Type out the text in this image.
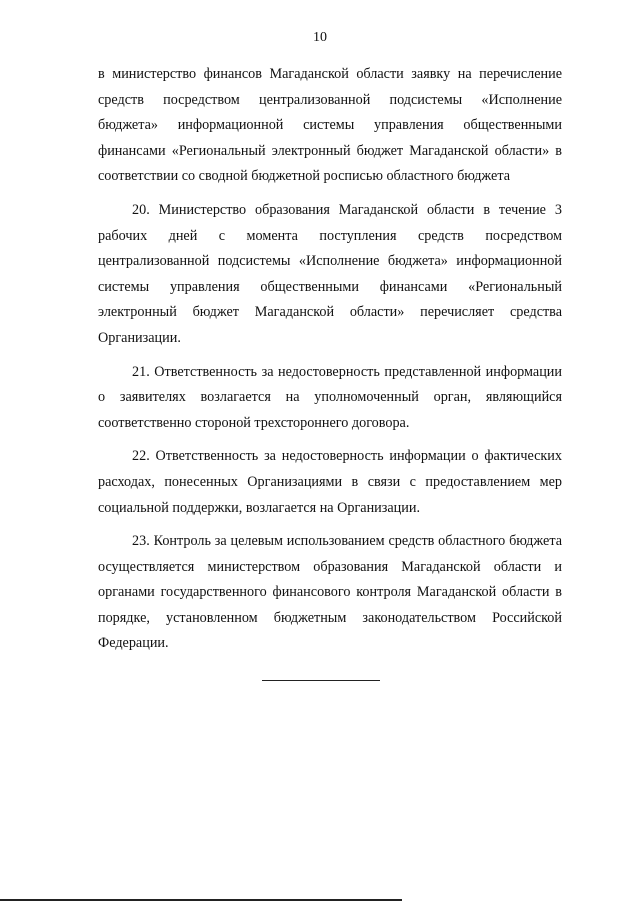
10

в министерство финансов Магаданской области заявку на перечисление средств посредством централизованной подсистемы «Исполнение бюджета» информационной системы управления общественными финансами «Региональный электронный бюджет Магаданской области» в соответствии со сводной бюджетной росписью областного бюджета

20. Министерство образования Магаданской области в течение 3 рабочих дней с момента поступления средств посредством централизованной подсистемы «Исполнение бюджета» информационной системы управления общественными финансами «Региональный электронный бюджет Магаданской области» перечисляет средства Организации.

21. Ответственность за недостоверность представленной информации о заявителях возлагается на уполномоченный орган, являющийся соответственно стороной трехстороннего договора.

22. Ответственность за недостоверность информации о фактических расходах, понесенных Организациями в связи с предоставлением мер социальной поддержки, возлагается на Организации.

23. Контроль за целевым использованием средств областного бюджета осуществляется министерством образования Магаданской области и органами государственного финансового контроля Магаданской области в порядке, установленном бюджетным законодательством Российской Федерации.
